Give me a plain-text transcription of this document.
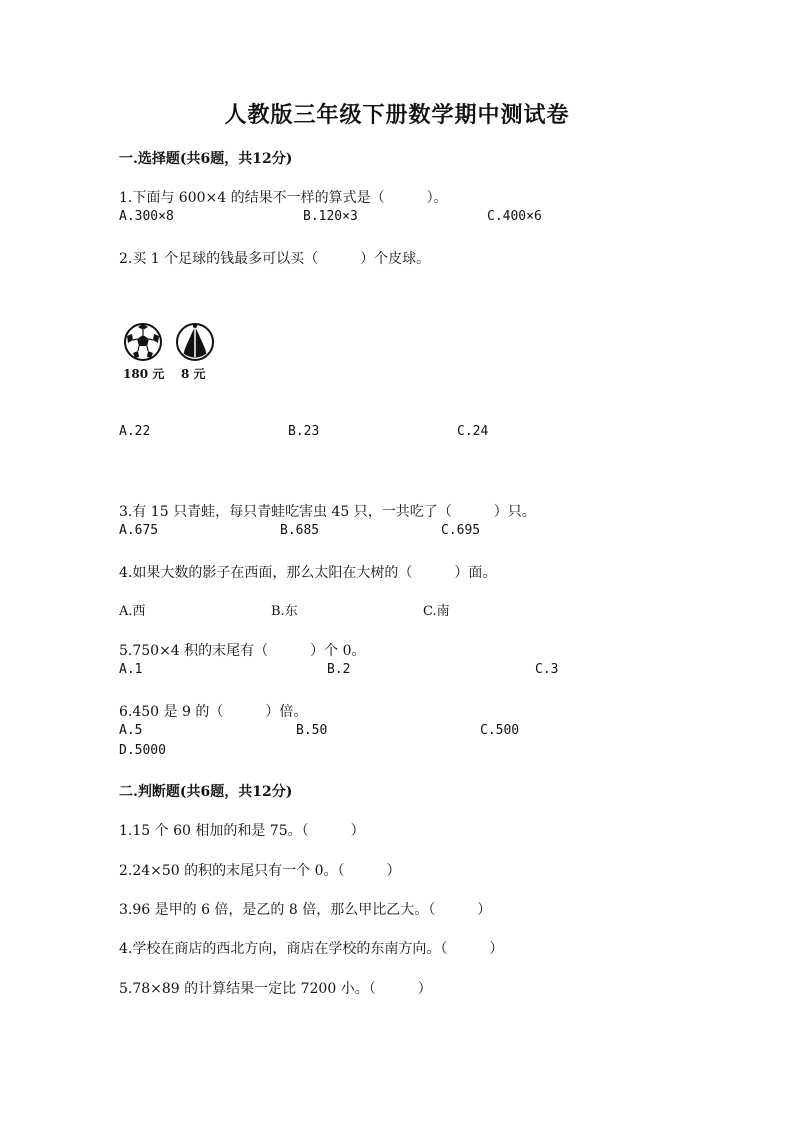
人教版三年级下册数学期中测试卷
一.选择题(共6题，共12分)
1.下面与 600×4 的结果不一样的算式是（　　　）。
A.300×8	B.120×3	C.400×6
2.买 1 个足球的钱最多可以买（　　　）个皮球。
180 元 8 元
A.22	B.23	C.24
3.有 15 只青蛙，每只青蛙吃害虫 45 只，一共吃了（　　　）只。
A.675	B.685	C.695
4.如果大数的影子在西面，那么太阳在大树的（　　　）面。
A.西	B.东	C.南
5.750×4 积的末尾有（　　　）个 0。
A.1	B.2	C.3
6.450 是 9 的（　　　）倍。
A.5	B.50	C.500
D.5000
二.判断题(共6题，共12分)
1.15 个 60 相加的和是 75。（　　　）
2.24×50 的积的末尾只有一个 0。（　　　）
3.96 是甲的 6 倍，是乙的 8 倍，那么甲比乙大。（　　　）
4.学校在商店的西北方向，商店在学校的东南方向。（　　　）
5.78×89 的计算结果一定比 7200 小。（　　　）
